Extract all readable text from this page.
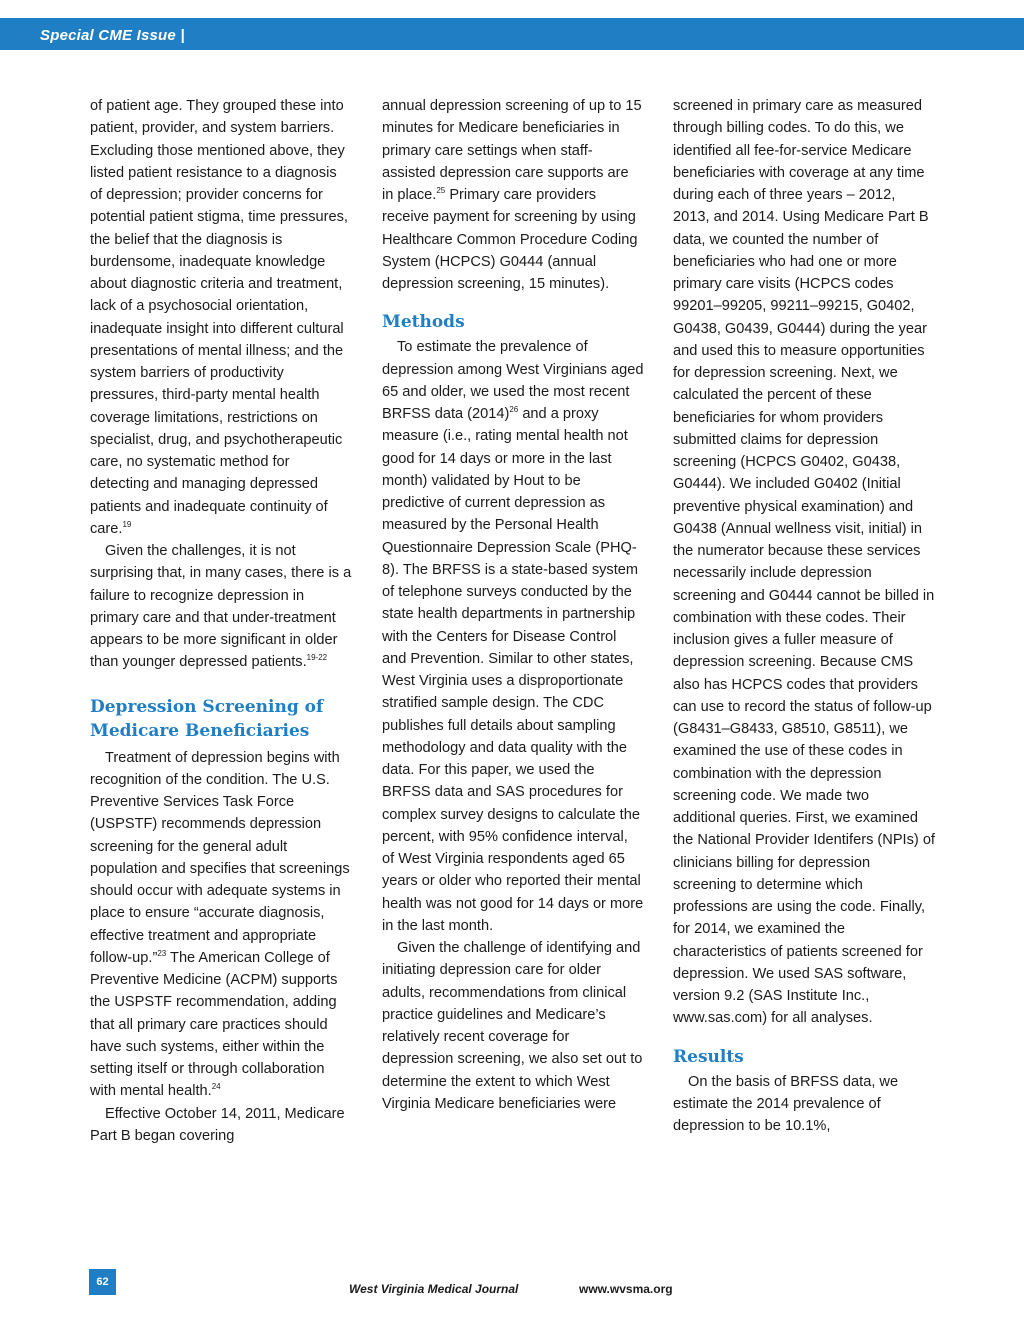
Special CME Issue |

of patient age. They grouped these into patient, provider, and system barriers. Excluding those mentioned above, they listed patient resistance to a diagnosis of depression; provider concerns for potential patient stigma, time pressures, the belief that the diagnosis is burdensome, inadequate knowledge about diagnostic criteria and treatment, lack of a psychosocial orientation, inadequate insight into different cultural presentations of mental illness; and the system barriers of productivity pressures, third-party mental health coverage limitations, restrictions on specialist, drug, and psychotherapeutic care, no systematic method for detecting and managing depressed patients and inadequate continuity of care.$^{19}$

Given the challenges, it is not surprising that, in many cases, there is a failure to recognize depression in primary care and that under-treatment appears to be more significant in older than younger depressed patients.$^{19-22}$

Depression Screening of Medicare Beneficiaries

Treatment of depression begins with recognition of the condition. The U.S. Preventive Services Task Force (USPSTF) recommends depression screening for the general adult population and specifies that screenings should occur with adequate systems in place to ensure “accurate diagnosis, effective treatment and appropriate follow-up.”$^{23}$ The American College of Preventive Medicine (ACPM) supports the USPSTF recommendation, adding that all primary care practices should have such systems, either within the setting itself or through collaboration with mental health.$^{24}$

Effective October 14, 2011, Medicare Part B began covering

annual depression screening of up to 15 minutes for Medicare beneficiaries in primary care settings when staff-assisted depression care supports are in place.$^{25}$ Primary care providers receive payment for screening by using Healthcare Common Procedure Coding System (HCPCS) G0444 (annual depression screening, 15 minutes).

Methods

To estimate the prevalence of depression among West Virginians aged 65 and older, we used the most recent BRFSS data $(2014)^{26}$ and a proxy measure (i.e., rating mental health not good for 14 days or more in the last month) validated by Hout to be predictive of current depression as measured by the Personal Health Questionnaire Depression Scale (PHQ-8). The BRFSS is a state-based system of telephone surveys conducted by the state health departments in partnership with the Centers for Disease Control and Prevention. Similar to other states, West Virginia uses a disproportionate stratified sample design. The CDC publishes full details about sampling methodology and data quality with the data. For this paper, we used the BRFSS data and SAS procedures for complex survey designs to calculate the percent, with 95% confidence interval, of West Virginia respondents aged 65 years or older who reported their mental health was not good for 14 days or more in the last month.

Given the challenge of identifying and initiating depression care for older adults, recommendations from clinical practice guidelines and Medicare’s relatively recent coverage for depression screening, we also set out to determine the extent to which West Virginia Medicare beneficiaries were

screened in primary care as measured through billing codes. To do this, we identified all fee-for-service Medicare beneficiaries with coverage at any time during each of three years – 2012, 2013, and 2014. Using Medicare Part B data, we counted the number of beneficiaries who had one or more primary care visits (HCPCS codes 99201–99205, 99211–99215, G0402, G0438, G0439, G0444) during the year and used this to measure opportunities for depression screening. Next, we calculated the percent of these beneficiaries for whom providers submitted claims for depression screening (HCPCS G0402, G0438, G0444). We included G0402 (Initial preventive physical examination) and G0438 (Annual wellness visit, initial) in the numerator because these services necessarily include depression screening and G0444 cannot be billed in combination with these codes. Their inclusion gives a fuller measure of depression screening. Because CMS also has HCPCS codes that providers can use to record the status of follow-up (G8431–G8433, G8510, G8511), we examined the use of these codes in combination with the depression screening code. We made two additional queries. First, we examined the National Provider Identifers (NPIs) of clinicians billing for depression screening to determine which professions are using the code. Finally, for 2014, we examined the characteristics of patients screened for depression. We used SAS software, version 9.2 (SAS Institute Inc., www.sas.com) for all analyses.

Results

On the basis of BRFSS data, we estimate the 2014 prevalence of depression to be 10.1%,

62	West Virginia Medical Journal	www.wvsma.org
